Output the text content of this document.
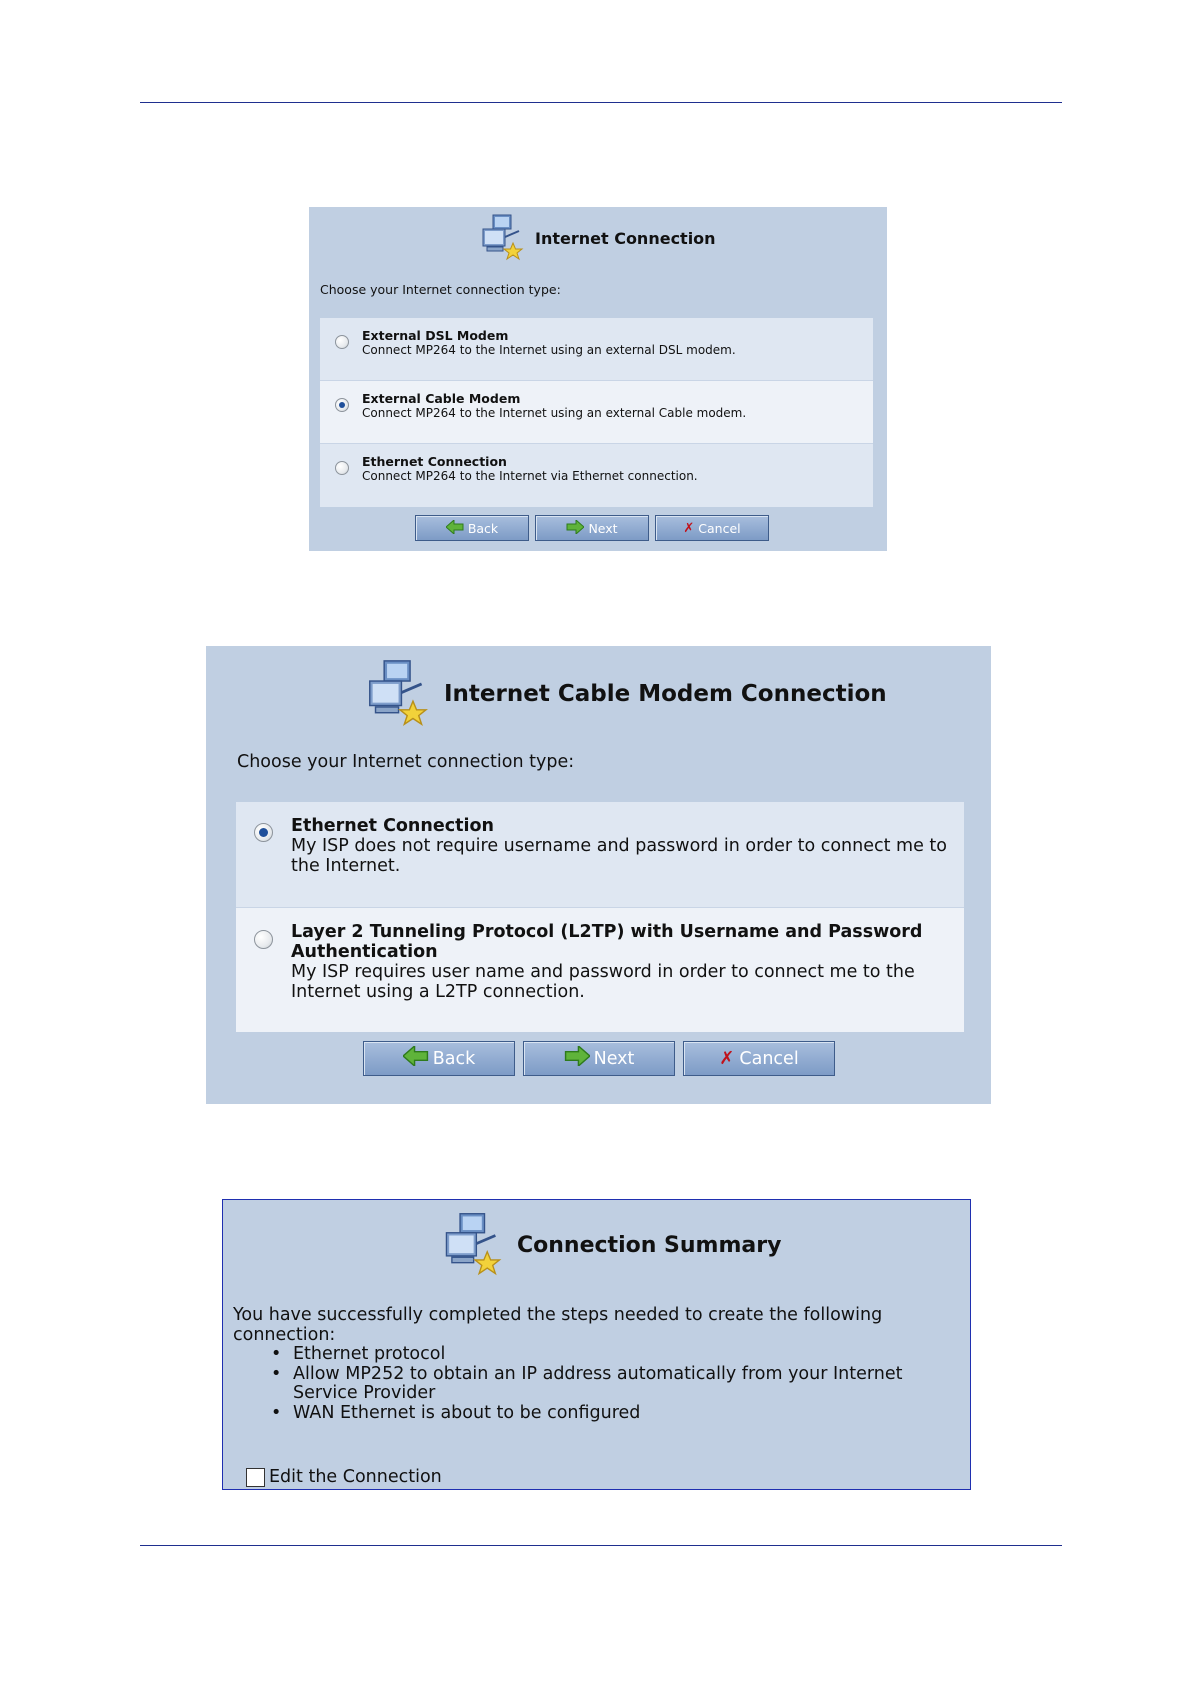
Internet Connection
Choose your Internet connection type:
External DSL Modem
Connect MP264 to the Internet using an external DSL modem.
External Cable Modem
Connect MP264 to the Internet using an external Cable modem.
Ethernet Connection
Connect MP264 to the Internet via Ethernet connection.
Back	Next	✗ Cancel
Internet Cable Modem Connection
Choose your Internet connection type:
Ethernet Connection
My ISP does not require username and password in order to connect me to the Internet.
Layer 2 Tunneling Protocol (L2TP) with Username and Password Authentication
My ISP requires user name and password in order to connect me to the Internet using a L2TP connection.
Back	Next	✗ Cancel
Connection Summary
You have successfully completed the steps needed to create the following connection:
• Ethernet protocol
• Allow MP252 to obtain an IP address automatically from your Internet Service Provider
• WAN Ethernet is about to be configured
Edit the Connection
